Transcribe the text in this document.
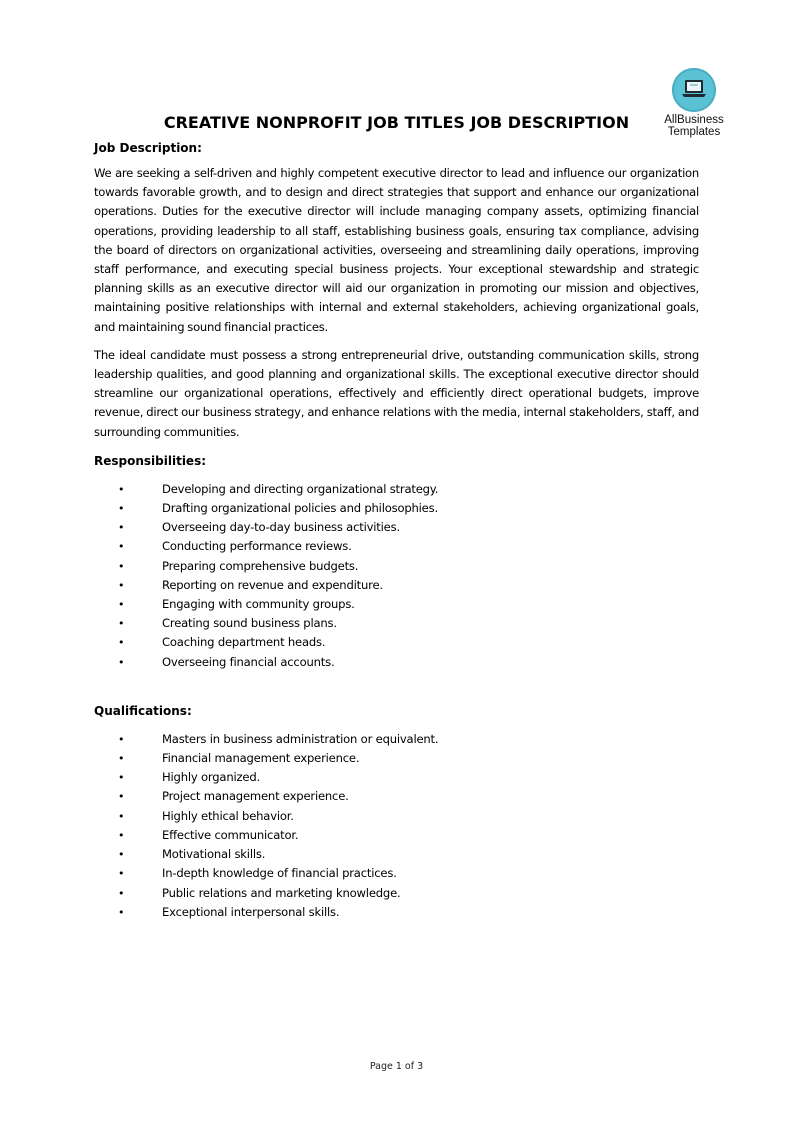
AllBusiness
Templates
CREATIVE NONPROFIT JOB TITLES JOB DESCRIPTION

Job Description:

We are seeking a self-driven and highly competent executive director to lead and influence our organization towards favorable growth, and to design and direct strategies that support and enhance our organizational operations. Duties for the executive director will include managing company assets, optimizing financial operations, providing leadership to all staff, establishing business goals, ensuring tax compliance, advising the board of directors on organizational activities, overseeing and streamlining daily operations, improving staff performance, and executing special business projects. Your exceptional stewardship and strategic planning skills as an executive director will aid our organization in promoting our mission and objectives, maintaining positive relationships with internal and external stakeholders, achieving organizational goals, and maintaining sound financial practices.

The ideal candidate must possess a strong entrepreneurial drive, outstanding communication skills, strong leadership qualities, and good planning and organizational skills. The exceptional executive director should streamline our organizational operations, effectively and efficiently direct operational budgets, improve revenue, direct our business strategy, and enhance relations with the media, internal stakeholders, staff, and surrounding communities.

Responsibilities:

•	Developing and directing organizational strategy.
•	Drafting organizational policies and philosophies.
•	Overseeing day-to-day business activities.
•	Conducting performance reviews.
•	Preparing comprehensive budgets.
•	Reporting on revenue and expenditure.
•	Engaging with community groups.
•	Creating sound business plans.
•	Coaching department heads.
•	Overseeing financial accounts.

Qualifications:

•	Masters in business administration or equivalent.
•	Financial management experience.
•	Highly organized.
•	Project management experience.
•	Highly ethical behavior.
•	Effective communicator.
•	Motivational skills.
•	In-depth knowledge of financial practices.
•	Public relations and marketing knowledge.
•	Exceptional interpersonal skills.
Page 1 of 3
